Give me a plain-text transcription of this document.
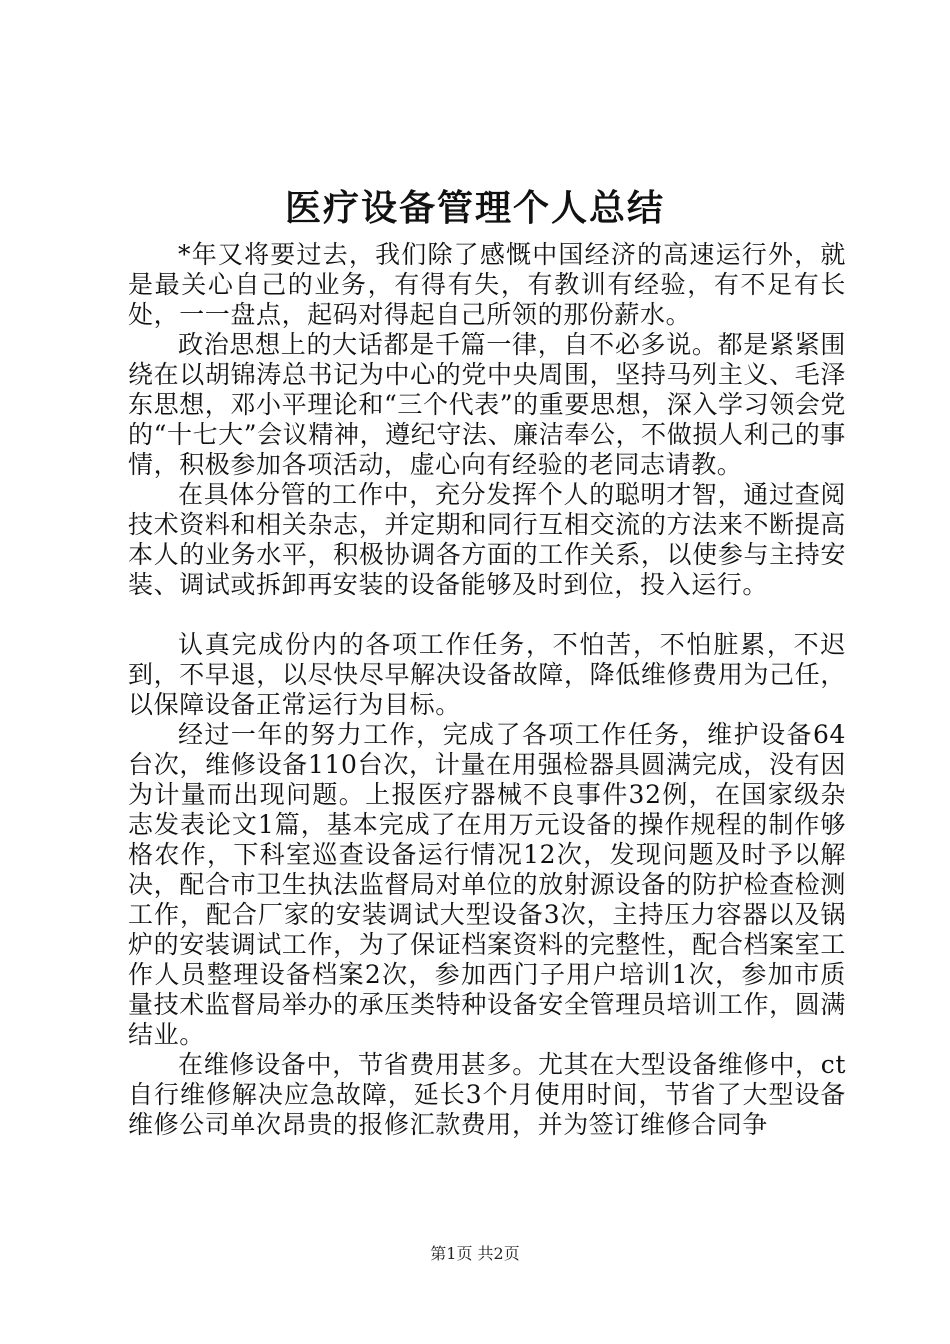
医疗设备管理个人总结

*年又将要过去，我们除了感慨中国经济的高速运行外，就是最关心自己的业务，有得有失，有教训有经验，有不足有长处，一一盘点，起码对得起自己所领的那份薪水。

政治思想上的大话都是千篇一律，自不必多说。都是紧紧围绕在以胡锦涛总书记为中心的党中央周围，坚持马列主义、毛泽东思想，邓小平理论和“三个代表”的重要思想，深入学习领会党的“十七大”会议精神，遵纪守法、廉洁奉公，不做损人利己的事情，积极参加各项活动，虚心向有经验的老同志请教。

在具体分管的工作中，充分发挥个人的聪明才智，通过查阅技术资料和相关杂志，并定期和同行互相交流的方法来不断提高本人的业务水平，积极协调各方面的工作关系，以使参与主持安装、调试或拆卸再安装的设备能够及时到位，投入运行。

认真完成份内的各项工作任务，不怕苦，不怕脏累，不迟到，不早退，以尽快尽早解决设备故障，降低维修费用为己任，以保障设备正常运行为目标。

经过一年的努力工作，完成了各项工作任务，维护设备64台次，维修设备110台次，计量在用强检器具圆满完成，没有因为计量而出现问题。上报医疗器械不良事件32例，在国家级杂志发表论文1篇，基本完成了在用万元设备的操作规程的制作够格农作，下科室巡查设备运行情况12次，发现问题及时予以解决，配合市卫生执法监督局对单位的放射源设备的防护检查检测工作，配合厂家的安装调试大型设备3次，主持压力容器以及锅炉的安装调试工作，为了保证档案资料的完整性，配合档案室工作人员整理设备档案2次，参加西门子用户培训1次，参加市质量技术监督局举办的承压类特种设备安全管理员培训工作，圆满结业。

在维修设备中，节省费用甚多。尤其在大型设备维修中，ct自行维修解决应急故障，延长3个月使用时间，节省了大型设备维修公司单次昂贵的报修汇款费用，并为签订维修合同争

第1页 共2页
